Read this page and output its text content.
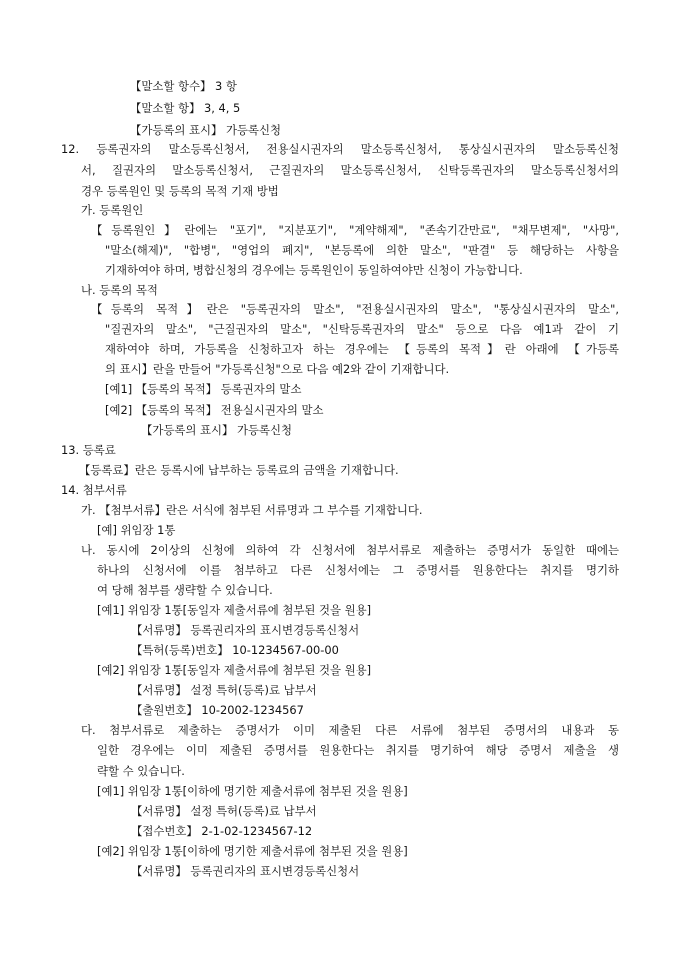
【말소할 항수】 3 항
【말소할 항】 3, 4, 5
【가등록의 표시】 가등록신청
12. 등록권자의 말소등록신청서, 전용실시권자의 말소등록신청서, 통상실시권자의 말소등록신청
서, 질권자의 말소등록신청서, 근질권자의 말소등록신청서, 신탁등록권자의 말소등록신청서의
경우 등록원인 및 등록의 목적 기재 방법
가. 등록원인
【등록원인】란에는 "포기", "지분포기", "계약해제", "존속기간만료", "채무변제", "사망",
"말소(해제)", "합병", "영업의 폐지", "본등록에 의한 말소", "판결" 등 해당하는 사항을
기재하여야 하며, 병합신청의 경우에는 등록원인이 동일하여야만 신청이 가능합니다.
나. 등록의 목적
【등록의 목적】란은 "등록권자의 말소", "전용실시권자의 말소", "통상실시권자의 말소",
"질권자의 말소", "근질권자의 말소", "신탁등록권자의 말소" 등으로 다음 예1과 같이 기
재하여야 하며, 가등록을 신청하고자 하는 경우에는 【등록의 목적】란 아래에 【가등록
의 표시】란을 만들어 "가등록신청"으로 다음 예2와 같이 기재합니다.
[예1] 【등록의 목적】 등록권자의 말소
[예2] 【등록의 목적】 전용실시권자의 말소
【가등록의 표시】 가등록신청
13. 등록료
【등록료】란은 등록시에 납부하는 등록료의 금액을 기재합니다.
14. 첨부서류
가. 【첨부서류】란은 서식에 첨부된 서류명과 그 부수를 기재합니다.
[예] 위임장 1통
나. 동시에 2이상의 신청에 의하여 각 신청서에 첨부서류로 제출하는 증명서가 동일한 때에는
하나의 신청서에 이를 첨부하고 다른 신청서에는 그 증명서를 원용한다는 취지를 명기하
여 당해 첨부를 생략할 수 있습니다.
[예1] 위임장 1통[동일자 제출서류에 첨부된 것을 원용]
【서류명】 등록권리자의 표시변경등록신청서
【특허(등록)번호】 10-1234567-00-00
[예2] 위임장 1통[동일자 제출서류에 첨부된 것을 원용]
【서류명】 설정 특허(등록)료 납부서
【출원번호】 10-2002-1234567
다. 첨부서류로 제출하는 증명서가 이미 제출된 다른 서류에 첨부된 증명서의 내용과 동
일한 경우에는 이미 제출된 증명서를 원용한다는 취지를 명기하여 해당 증명서 제출을 생
략할 수 있습니다.
[예1] 위임장 1통[이하에 명기한 제출서류에 첨부된 것을 원용]
【서류명】 설정 특허(등록)료 납부서
【접수번호】 2-1-02-1234567-12
[예2] 위임장 1통[이하에 명기한 제출서류에 첨부된 것을 원용]
【서류명】 등록권리자의 표시변경등록신청서
